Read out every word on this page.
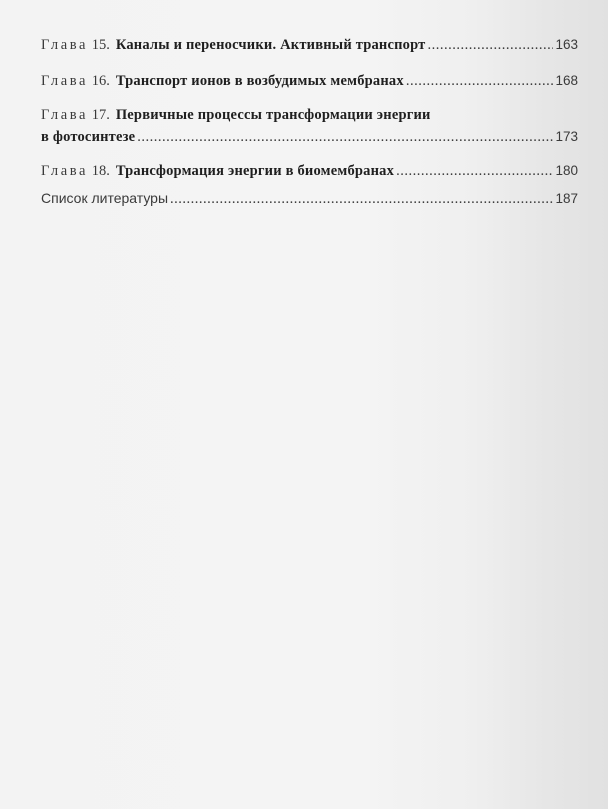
Глава
15. Каналы и переносчики. Активный транспорт .....	163
Глава
16. Транспорт ионов в возбудимых мембранах .....	168
Глава
17. Первичные процессы трансформации энергии
в фотосинтезе .....	173
Глава
18. Трансформация энергии в биомембранах .....	180
Список литературы .....	187
